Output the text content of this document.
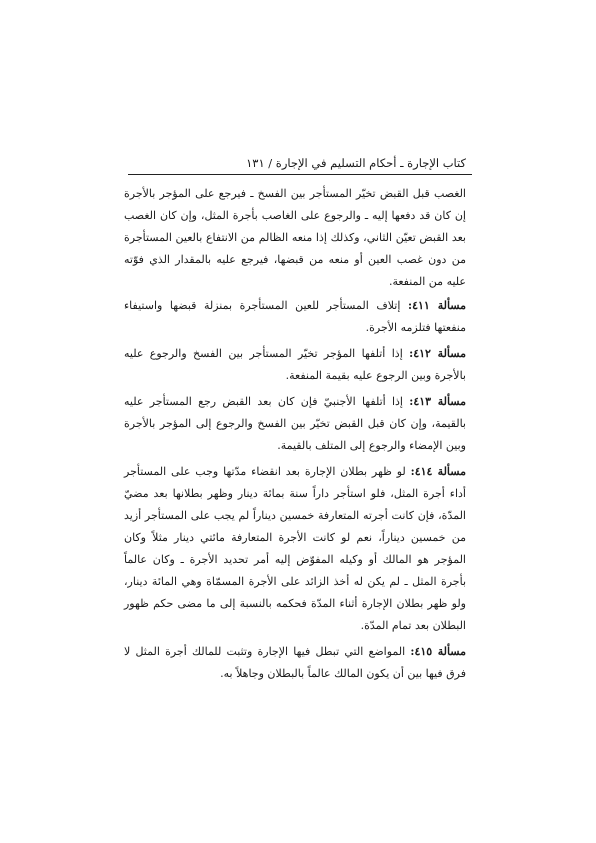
كتاب الإجارة ـ أحكام التسليم في الإجارة / ١٣١

الغصب قبل القبض تخيّر المستأجر بين الفسخ ـ فيرجع على المؤجر بالأجرة إن كان قد دفعها إليه ـ والرجوع على الغاصب بأجرة المثل، وإن كان الغصب بعد القبض تعيّن الثاني، وكذلك إذا منعه الظالم من الانتفاع بالعين المستأجرة من دون غصب العين أو منعه من قبضها، فيرجع عليه بالمقدار الذي فوّته عليه من المنفعة.

مسألة ٤١١: إتلاف المستأجر للعين المستأجرة بمنزلة قبضها واستيفاء منفعتها فتلزمه الأجرة.

مسألة ٤١٢: إذا أتلفها المؤجر تخيّر المستأجر بين الفسخ والرجوع عليه بالأجرة وبين الرجوع عليه بقيمة المنفعة.

مسألة ٤١٣: إذا أتلفها الأجنبيّ فإن كان بعد القبض رجع المستأجر عليه بالقيمة، وإن كان قبل القبض تخيّر بين الفسخ والرجوع إلى المؤجر بالأجرة وبين الإمضاء والرجوع إلى المتلف بالقيمة.

مسألة ٤١٤: لو ظهر بطلان الإجارة بعد انقضاء مدّتها وجب على المستأجر أداء أجرة المثل، فلو استأجر داراً سنة بمائة دينار وظهر بطلانها بعد مضيّ المدّة، فإن كانت أجرته المتعارفة خمسين ديناراً لم يجب على المستأجر أزيد من خمسين ديناراً، نعم لو كانت الأجرة المتعارفة مائتي دينار مثلاً وكان المؤجر هو المالك أو وكيله المفوّض إليه أمر تحديد الأجرة ـ وكان عالماً بأجرة المثل ـ لم يكن له أخذ الزائد على الأجرة المسمّاة وهي المائة دينار، ولو ظهر بطلان الإجارة أثناء المدّة فحكمه بالنسبة إلى ما مضى حكم ظهور البطلان بعد تمام المدّة.

مسألة ٤١٥: المواضع التي تبطل فيها الإجارة وتثبت للمالك أجرة المثل لا فرق فيها بين أن يكون المالك عالماً بالبطلان وجاهلاً به.
